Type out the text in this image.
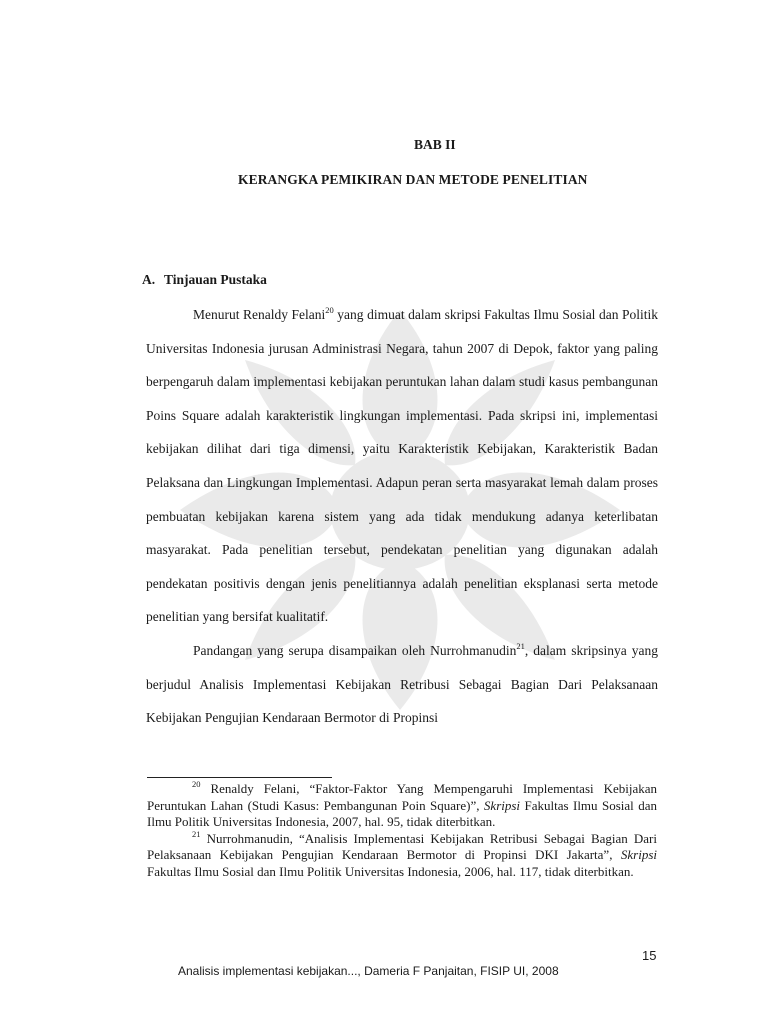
BAB II
KERANGKA PEMIKIRAN DAN METODE PENELITIAN
A. Tinjauan Pustaka

Menurut Renaldy Felani$^{20}$ yang dimuat dalam skripsi Fakultas Ilmu Sosial dan Politik Universitas Indonesia jurusan Administrasi Negara, tahun 2007 di Depok, faktor yang paling berpengaruh dalam implementasi kebijakan peruntukan lahan dalam studi kasus pembangunan Poins Square adalah karakteristik lingkungan implementasi. Pada skripsi ini, implementasi kebijakan dilihat dari tiga dimensi, yaitu Karakteristik Kebijakan, Karakteristik Badan Pelaksana dan Lingkungan Implementasi. Adapun peran serta masyarakat lemah dalam proses pembuatan kebijakan karena sistem yang ada tidak mendukung adanya keterlibatan masyarakat. Pada penelitian tersebut, pendekatan penelitian yang digunakan adalah pendekatan positivis dengan jenis penelitiannya adalah penelitian eksplanasi serta metode penelitian yang bersifat kualitatif.

Pandangan yang serupa disampaikan oleh Nurrohmanudin$^{21}$, dalam skripsinya yang berjudul Analisis Implementasi Kebijakan Retribusi Sebagai Bagian Dari Pelaksanaan Kebijakan Pengujian Kendaraan Bermotor di Propinsi

$^{20}$ Renaldy Felani, “Faktor-Faktor Yang Mempengaruhi Implementasi Kebijakan Peruntukan Lahan (Studi Kasus: Pembangunan Poin Square)”, Skripsi Fakultas Ilmu Sosial dan Ilmu Politik Universitas Indonesia, 2007, hal. 95, tidak diterbitkan.

$^{21}$ Nurrohmanudin, “Analisis Implementasi Kebijakan Retribusi Sebagai Bagian Dari Pelaksanaan Kebijakan Pengujian Kendaraan Bermotor di Propinsi DKI Jakarta”, Skripsi Fakultas Ilmu Sosial dan Ilmu Politik Universitas Indonesia, 2006, hal. 117, tidak diterbitkan.

15
Analisis implementasi kebijakan..., Dameria F Panjaitan, FISIP UI, 2008
